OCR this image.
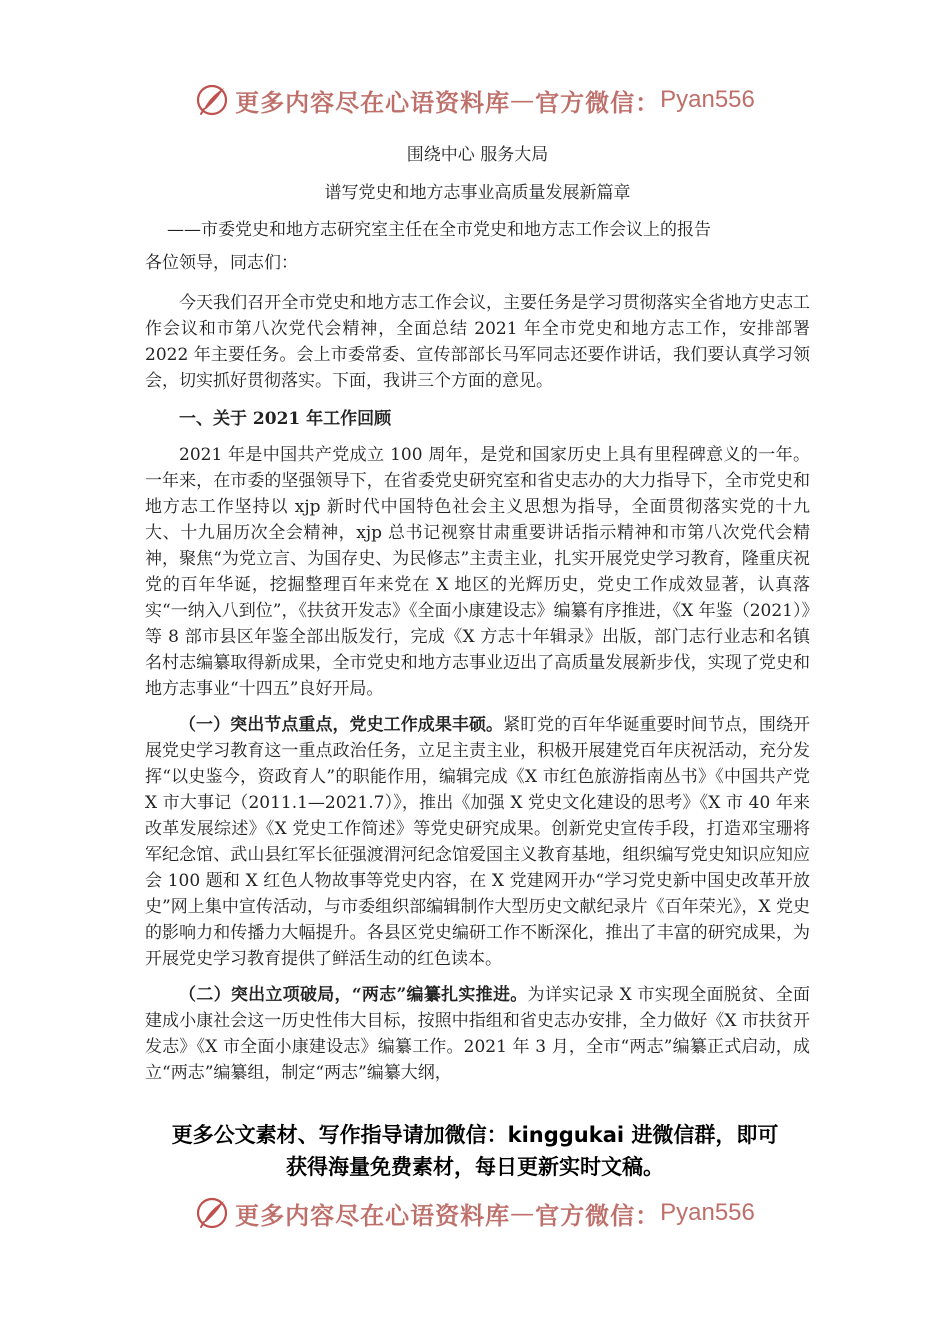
更多内容尽在心语资料库 — 官方微信： Pyan556

围绕中心 服务大局

谱写党史和地方志事业高质量发展新篇章

——市委党史和地方志研究室主任在全市党史和地方志工作会议上的报告

各位领导，同志们：

今天我们召开全市党史和地方志工作会议，主要任务是学习贯彻落实全省地方史志工作会议和市第八次党代会精神，全面总结 2021 年全市党史和地方志工作，安排部署 2022 年主要任务。会上市委常委、宣传部部长马军同志还要作讲话，我们要认真学习领会，切实抓好贯彻落实。下面，我讲三个方面的意见。

一、关于 2021 年工作回顾

2021 年是中国共产党成立 100 周年，是党和国家历史上具有里程碑意义的一年。一年来，在市委的坚强领导下，在省委党史研究室和省史志办的大力指导下，全市党史和地方志工作坚持以 xjp 新时代中国特色社会主义思想为指导，全面贯彻落实党的十九大、十九届历次全会精神，xjp 总书记视察甘肃重要讲话指示精神和市第八次党代会精神，聚焦“为党立言、为国存史、为民修志”主责主业，扎实开展党史学习教育，隆重庆祝党的百年华诞，挖掘整理百年来党在 X 地区的光辉历史，党史工作成效显著，认真落实“一纳入八到位”，《扶贫开发志》《全面小康建设志》编纂有序推进，《X 年鉴（2021）》等 8 部市县区年鉴全部出版发行，完成《X 方志十年辑录》出版，部门志行业志和名镇名村志编纂取得新成果，全市党史和地方志事业迈出了高质量发展新步伐，实现了党史和地方志事业“十四五”良好开局。

（一）突出节点重点，党史工作成果丰硕。紧盯党的百年华诞重要时间节点，围绕开展党史学习教育这一重点政治任务，立足主责主业，积极开展建党百年庆祝活动，充分发挥“以史鉴今，资政育人”的职能作用，编辑完成《X 市红色旅游指南丛书》《中国共产党 X 市大事记（2011.1—2021.7）》，推出《加强 X 党史文化建设的思考》《X 市 40 年来改革发展综述》《X 党史工作简述》等党史研究成果。创新党史宣传手段，打造邓宝珊将军纪念馆、武山县红军长征强渡渭河纪念馆爱国主义教育基地，组织编写党史知识应知应会 100 题和 X 红色人物故事等党史内容，在 X 党建网开办“学习党史新中国史改革开放史”网上集中宣传活动，与市委组织部编辑制作大型历史文献纪录片《百年荣光》，X 党史的影响力和传播力大幅提升。各县区党史编研工作不断深化，推出了丰富的研究成果，为开展党史学习教育提供了鲜活生动的红色读本。

（二）突出立项破局，“两志”编纂扎实推进。为详实记录 X 市实现全面脱贫、全面建成小康社会这一历史性伟大目标，按照中指组和省史志办安排，全力做好《X 市扶贫开发志》《X 市全面小康建设志》编纂工作。2021 年 3 月，全市“两志”编纂正式启动，成立“两志”编纂组，制定“两志”编纂大纲，

更多公文素材、写作指导请加微信：kinggukai 进微信群，即可
获得海量免费素材，每日更新实时文稿。
更多内容尽在心语资料库 — 官方微信： Pyan556
